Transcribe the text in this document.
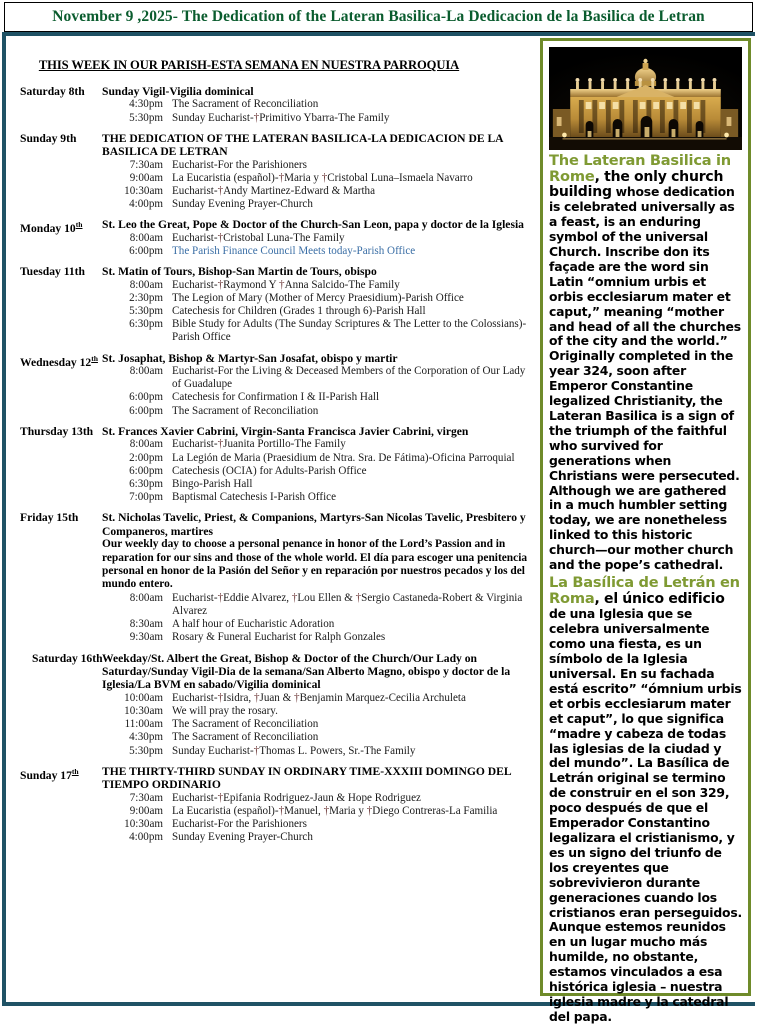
November 9 ,2025- The Dedication of the Lateran Basilica-La Dedicacion de la Basilica de Letran
THIS WEEK IN OUR PARISH-ESTA SEMANA EN NUESTRA PARROQUIA
Saturday 8th	Sunday Vigil-Vigilia dominical
4:30pm The Sacrament of Reconciliation
5:30pm Sunday Eucharist-†Primitivo Ybarra-The Family
Sunday 9th	THE DEDICATION OF THE LATERAN BASILICA-LA DEDICACION DE LA BASILICA DE LETRAN
7:30am Eucharist-For the Parishioners
9:00am La Eucaristia (español)-†Maria y †Cristobal Luna–Ismaela Navarro
10:30am Eucharist-†Andy Martinez-Edward & Martha
4:00pm Sunday Evening Prayer-Church
Monday 10th	St. Leo the Great, Pope & Doctor of the Church-San Leon, papa y doctor de la Iglesia
8:00am Eucharist-†Cristobal Luna-The Family
6:00pm The Parish Finance Council Meets today-Parish Office
Tuesday 11th	St. Matin of Tours, Bishop-San Martin de Tours, obispo
8:00am Eucharist-†Raymond Y †Anna Salcido-The Family
2:30pm The Legion of Mary (Mother of Mercy Praesidium)-Parish Office
5:30pm Catechesis for Children (Grades 1 through 6)-Parish Hall
6:30pm Bible Study for Adults (The Sunday Scriptures & The Letter to the Colossians)-Parish Office
Wednesday 12th St. Josaphat, Bishop & Martyr-San Josafat, obispo y martir
8:00am Eucharist-For the Living & Deceased Members of the Corporation of Our Lady of Guadalupe
6:00pm Catechesis for Confirmation I & II-Parish Hall
6:00pm The Sacrament of Reconciliation
Thursday 13th St. Frances Xavier Cabrini, Virgin-Santa Francisca Javier Cabrini, virgen
8:00am Eucharist-†Juanita Portillo-The Family
2:00pm La Legión de Maria (Praesidium de Ntra. Sra. De Fátima)-Oficina Parroquial
6:00pm Catechesis (OCIA) for Adults-Parish Office
6:30pm Bingo-Parish Hall
7:00pm Baptismal Catechesis I-Parish Office
Friday 15th	St. Nicholas Tavelic, Priest, & Companions, Martyrs-San Nicolas Tavelic, Presbitero y Companeros, martires
Our weekly day to choose a personal penance in honor of the Lord’s Passion and in reparation for our sins and those of the whole world. El día para escoger una penitencia personal en honor de la Pasión del Señor y en reparación por nuestros pecados y los del mundo entero.
8:00am Eucharist-†Eddie Alvarez, †Lou Ellen & †Sergio Castaneda-Robert & Virginia Alvarez
8:30am A half hour of Eucharistic Adoration
9:30am Rosary & Funeral Eucharist for Ralph Gonzales
Saturday 16th Weekday/St. Albert the Great, Bishop & Doctor of the Church/Our Lady on Saturday/Sunday Vigil-Dia de la semana/San Alberto Magno, obispo y doctor de la Iglesia/La BVM en sabado/Vigilia dominical
10:00am Eucharist-†Isidra, †Juan & †Benjamin Marquez-Cecilia Archuleta
10:30am We will pray the rosary.
11:00am The Sacrament of Reconciliation
4:30pm The Sacrament of Reconciliation
5:30pm Sunday Eucharist-†Thomas L. Powers, Sr.-The Family
Sunday 17th	THE THIRTY-THIRD SUNDAY IN ORDINARY TIME-XXXIII DOMINGO DEL TIEMPO ORDINARIO
7:30am Eucharist-†Epifania Rodriguez-Jaun & Hope Rodriguez
9:00am La Eucaristia (español)-†Manuel, †Maria y †Diego Contreras-La Familia
10:30am Eucharist-For the Parishioners
4:00pm Sunday Evening Prayer-Church

The Lateran Basilica in Rome, the only church building whose dedication is celebrated universally as a feast, is an enduring symbol of the universal Church. Inscribe don its façade are the word sin Latin “omnium urbis et orbis ecclesiarum mater et caput,” meaning “mother and head of all the churches of the city and the world.” Originally completed in the year 324, soon after Emperor Constantine legalized Christianity, the Lateran Basilica is a sign of the triumph of the faithful who survived for generations when Christians were persecuted. Although we are gathered in a much humbler setting today, we are nonetheless linked to this historic church—our mother church and the pope’s cathedral.

La Basílica de Letrán en Roma, el único edificio de una Iglesia que se celebra universalmente como una fiesta, es un símbolo de la Iglesia universal. En su fachada está escrito” “ómnium urbis et orbis ecclesiarum mater et caput”, lo que significa “madre y cabeza de todas las iglesias de la ciudad y del mundo”. La Basílica de Letrán original se termino de construir en el son 329, poco después de que el Emperador Constantino legalizara el cristianismo, y es un signo del triunfo de los creyentes que sobrevivieron durante generaciones cuando los cristianos eran perseguidos. Aunque estemos reunidos en un lugar mucho más humilde, no obstante, estamos vinculados a esa histórica iglesia – nuestra iglesia madre y la catedral del papa.
